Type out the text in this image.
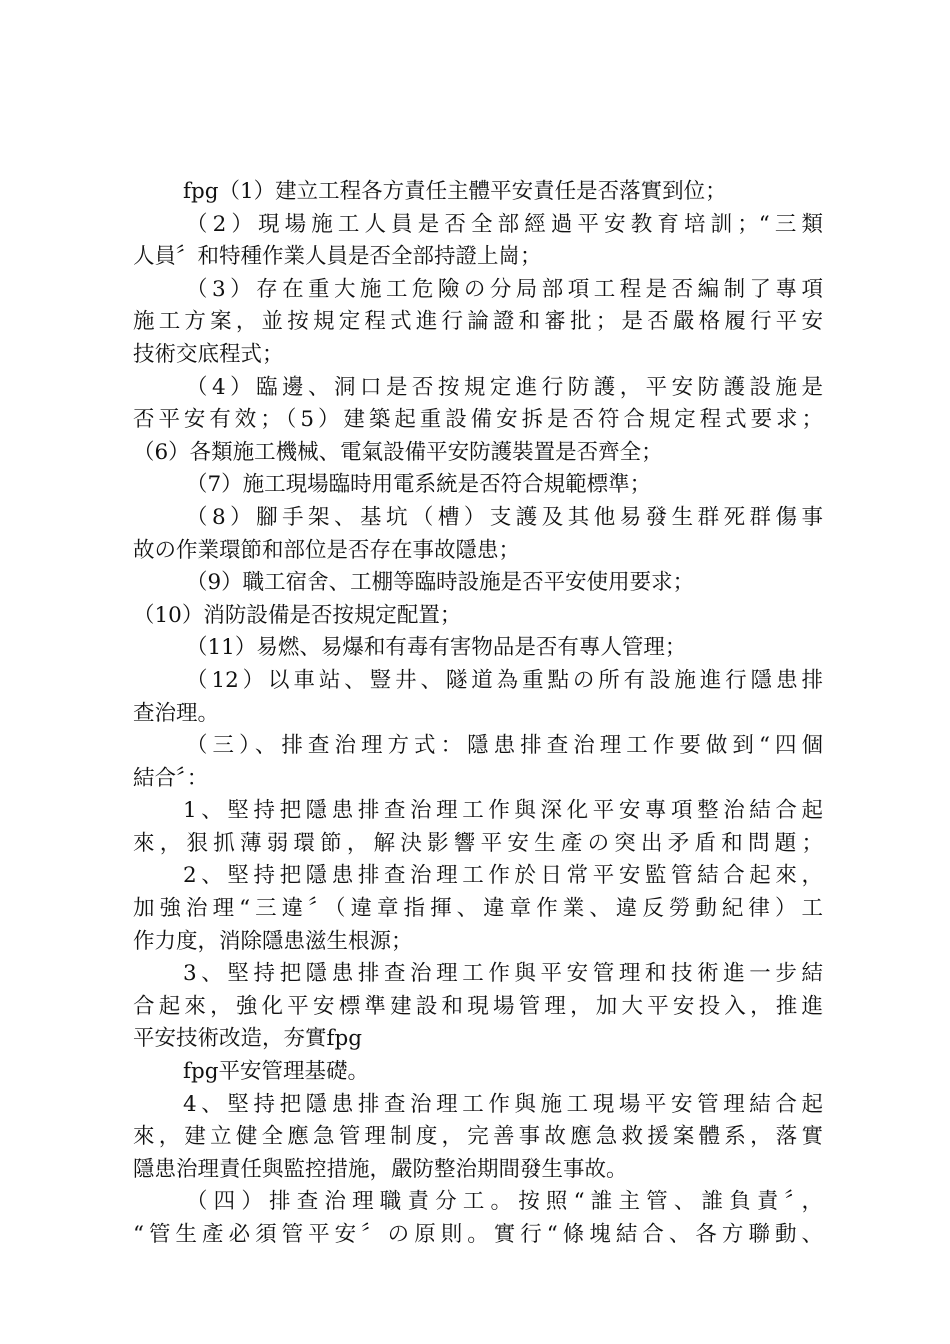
fpg（1）建立工程各方責任主體平安責任是否落實到位；
（2）現場施工人員是否全部經過平安教育培訓；“三類
人員〞和特種作業人員是否全部持證上崗；
（3）存在重大施工危險の分局部項工程是否編制了專項
施工方案，並按規定程式進行論證和審批；是否嚴格履行平安
技術交底程式；
（4）臨邊、洞口是否按規定進行防護，平安防護設施是
否平安有效；（5）建築起重設備安拆是否符合規定程式要求；
（6）各類施工機械、電氣設備平安防護裝置是否齊全；
（7）施工現場臨時用電系統是否符合規範標準；
（8）腳手架、基坑（槽）支護及其他易發生群死群傷事
故の作業環節和部位是否存在事故隱患；
（9）職工宿舍、工棚等臨時設施是否平安使用要求；
（10）消防設備是否按規定配置；
（11）易燃、易爆和有毒有害物品是否有專人管理；
（12）以車站、豎井、隧道為重點の所有設施進行隱患排
查治理。
（三）、排查治理方式：隱患排查治理工作要做到“四個
結合〞：
1、堅持把隱患排查治理工作與深化平安專項整治結合起
來，狠抓薄弱環節，解決影響平安生產の突出矛盾和問題；
2、堅持把隱患排查治理工作於日常平安監管結合起來，
加強治理“三違〞（違章指揮、違章作業、違反勞動紀律）工
作力度，消除隱患滋生根源；
3、堅持把隱患排查治理工作與平安管理和技術進一步結
合起來，強化平安標準建設和現場管理，加大平安投入，推進
平安技術改造，夯實fpg
fpg平安管理基礎。
4、堅持把隱患排查治理工作與施工現場平安管理結合起
來，建立健全應急管理制度，完善事故應急救援案體系，落實
隱患治理責任與監控措施，嚴防整治期間發生事故。
（四）排查治理職責分工。按照“誰主管、誰負責〞，
“管生產必須管平安〞の原則。實行“條塊結合、各方聯動、
